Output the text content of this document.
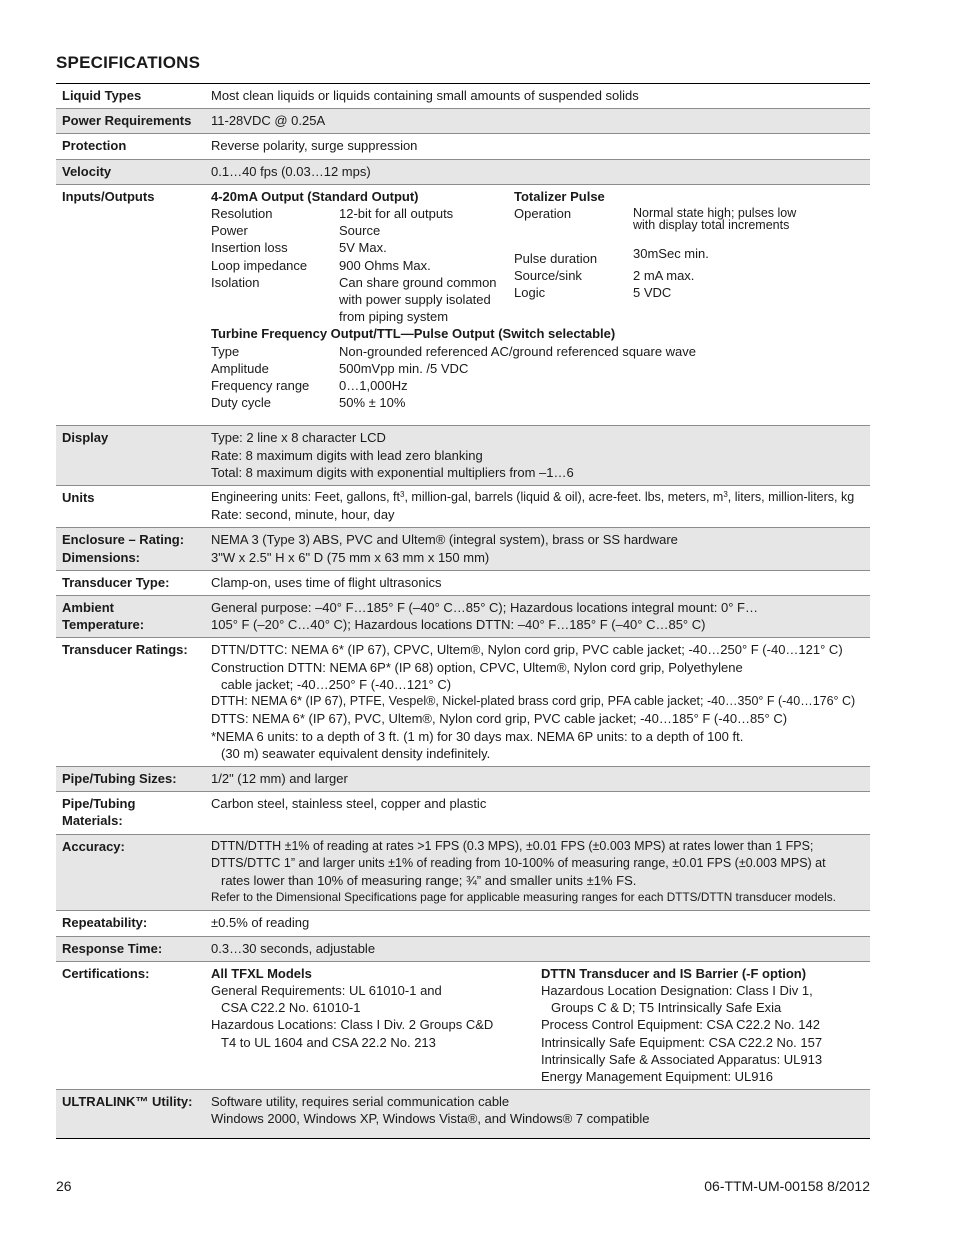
SPECIFICATIONS
Liquid Types	Most clean liquids or liquids containing small amounts of suspended solids
Power Requirements	11-28VDC @ 0.25A
Protection	Reverse polarity, surge suppression
Velocity	0.1…40 fps (0.03…12 mps)
Inputs/Outputs	4-20mA Output (Standard Output)
Resolution	12-bit for all outputs
Power	Source
Insertion loss	5V Max.
Loop impedance	900 Ohms Max.
Isolation	Can share ground common
with power supply isolated
from piping system
Totalizer Pulse
Operation	Normal state high; pulses low
with display total increments
Pulse duration	30mSec min.
Source/sink	2 mA max.
Logic	5 VDC
Turbine Frequency Output/TTL—Pulse Output (Switch selectable)
Type	Non-grounded referenced AC/ground referenced square wave
Amplitude	500mVpp min. /5 VDC
Frequency range	0…1,000Hz
Duty cycle	50% ± 10%
Display	Type: 2 line x 8 character LCD
Rate: 8 maximum digits with lead zero blanking
Total: 8 maximum digits with exponential multipliers from –1…6
Units	Engineering units: Feet, gallons, $ft^3$, million-gal, barrels (liquid & oil), acre-feet. lbs, meters, $m^3$, liters, million-liters, kg
Rate: second, minute, hour, day
Enclosure – Rating:
Dimensions:
NEMA 3 (Type 3) ABS, PVC and Ultem® (integral system), brass or SS hardware
3"W x 2.5" H x 6" D (75 mm x 63 mm x 150 mm)
Transducer Type:	Clamp-on, uses time of flight ultrasonics
Ambient
Temperature:
General purpose: –40° F…185° F (–40° C…85° C); Hazardous locations integral mount: 0° F…
105° F (–20° C…40° C); Hazardous locations DTTN: –40° F…185° F (–40° C…85° C)
Transducer Ratings:	DTTN/DTTC: NEMA 6* (IP 67), CPVC, Ultem®, Nylon cord grip, PVC cable jacket; -40…250° F (-40…121° C)
Construction DTTN: NEMA 6P* (IP 68) option, CPVC, Ultem®, Nylon cord grip, Polyethylene
cable jacket; -40…250° F (-40…121° C)
DTTH: NEMA 6* (IP 67), PTFE, Vespel®, Nickel-plated brass cord grip, PFA cable jacket; -40…350° F (-40…176° C)
DTTS: NEMA 6* (IP 67), PVC, Ultem®, Nylon cord grip, PVC cable jacket; -40…185° F (-40…85° C)
*NEMA 6 units: to a depth of 3 ft. (1 m) for 30 days max. NEMA 6P units: to a depth of 100 ft.
(30 m) seawater equivalent density indefinitely.
Pipe/Tubing Sizes:	1/2" (12 mm) and larger
Pipe/Tubing
Materials:
Carbon steel, stainless steel, copper and plastic
Accuracy:	DTTN/DTTH ±1% of reading at rates >1 FPS (0.3 MPS), ±0.01 FPS (±0.003 MPS) at rates lower than 1 FPS;
DTTS/DTTC 1” and larger units ±1% of reading from 10-100% of measuring range, ±0.01 FPS (±0.003 MPS) at
rates lower than 10% of measuring range; ¾” and smaller units ±1% FS.
Refer to the Dimensional Specifications page for applicable measuring ranges for each DTTS/DTTN transducer models.
Repeatability:	±0.5% of reading
Response Time:	0.3…30 seconds, adjustable
Certifications:	All TFXL Models
General Requirements: UL 61010-1 and
CSA C22.2 No. 61010-1
Hazardous Locations: Class I Div. 2 Groups C&D
T4 to UL 1604 and CSA 22.2 No. 213
DTTN Transducer and IS Barrier (-F option)
Hazardous Location Designation: Class I Div 1,
Groups C & D; T5 Intrinsically Safe Exia
Process Control Equipment: CSA C22.2 No. 142
Intrinsically Safe Equipment: CSA C22.2 No. 157
Intrinsically Safe & Associated Apparatus: UL913
Energy Management Equipment: UL916
ULTRALINK™ Utility:	Software utility, requires serial communication cable
Windows 2000, Windows XP, Windows Vista®, and Windows® 7 compatible
26	06-TTM-UM-00158 8/2012
